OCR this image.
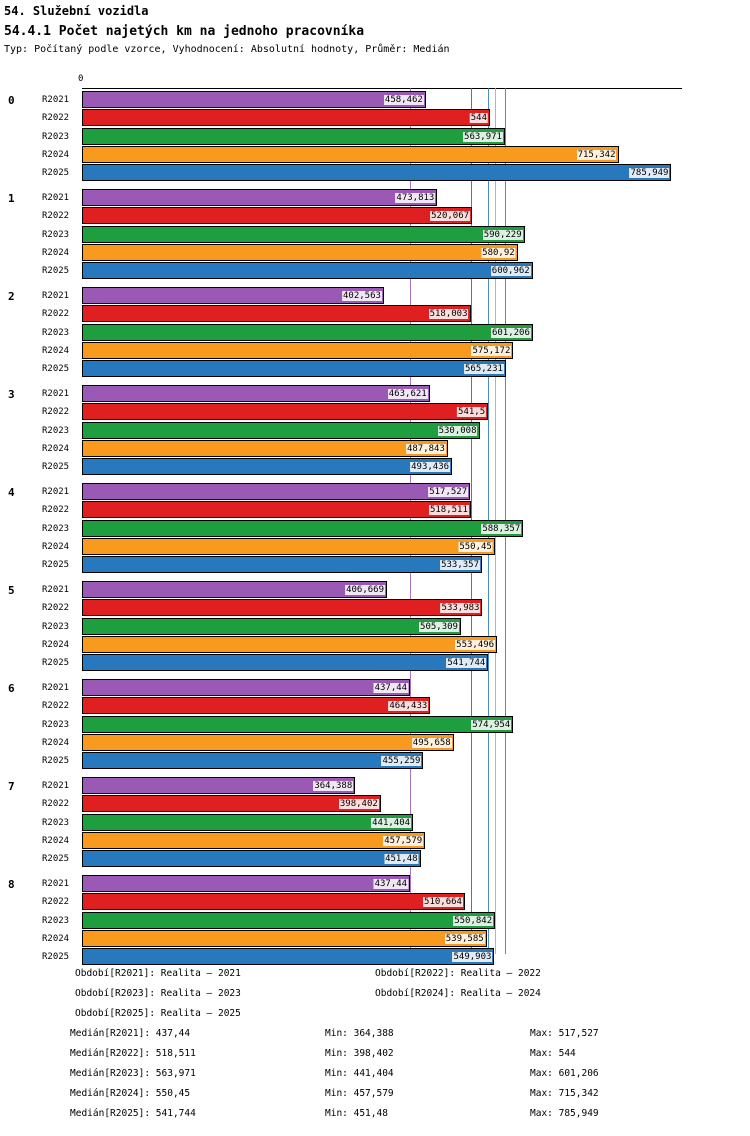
54. Služební vozidla
54.4.1 Počet najetých km na jednoho pracovníka
Typ: Počítaný podle vzorce, Vyhodnocení: Absolutní hodnoty, Průměr: Medián
0
0	R2021	458,462
R2022	544
R2023	563,971
R2024	715,342
R2025	785,949
1	R2021	473,813
R2022	520,067
R2023	590,229
R2024	580,92
R2025	600,962
2	R2021	402,563
R2022	518,003
R2023	601,206
R2024	575,172
R2025	565,231
3	R2021	463,621
R2022	541,5
R2023	530,008
R2024	487,843
R2025	493,436
4	R2021	517,527
R2022	518,511
R2023	588,357
R2024	550,45
R2025	533,357
5	R2021	406,669
R2022	533,983
R2023	505,309
R2024	553,496
R2025	541,744
6	R2021	437,44
R2022	464,433
R2023	574,954
R2024	495,658
R2025	455,259
7	R2021	364,388
R2022	398,402
R2023	441,404
R2024	457,579
R2025	451,48
8	R2021	437,44
R2022	510,664
R2023	550,842
R2024	539,585
R2025	549,903
Období[R2021]: Realita – 2021	Období[R2022]: Realita – 2022
Období[R2023]: Realita – 2023	Období[R2024]: Realita – 2024
Období[R2025]: Realita – 2025
Medián[R2021]: 437,44	Min: 364,388	Max: 517,527
Medián[R2022]: 518,511	Min: 398,402	Max: 544
Medián[R2023]: 563,971	Min: 441,404	Max: 601,206
Medián[R2024]: 550,45	Min: 457,579	Max: 715,342
Medián[R2025]: 541,744	Min: 451,48	Max: 785,949
